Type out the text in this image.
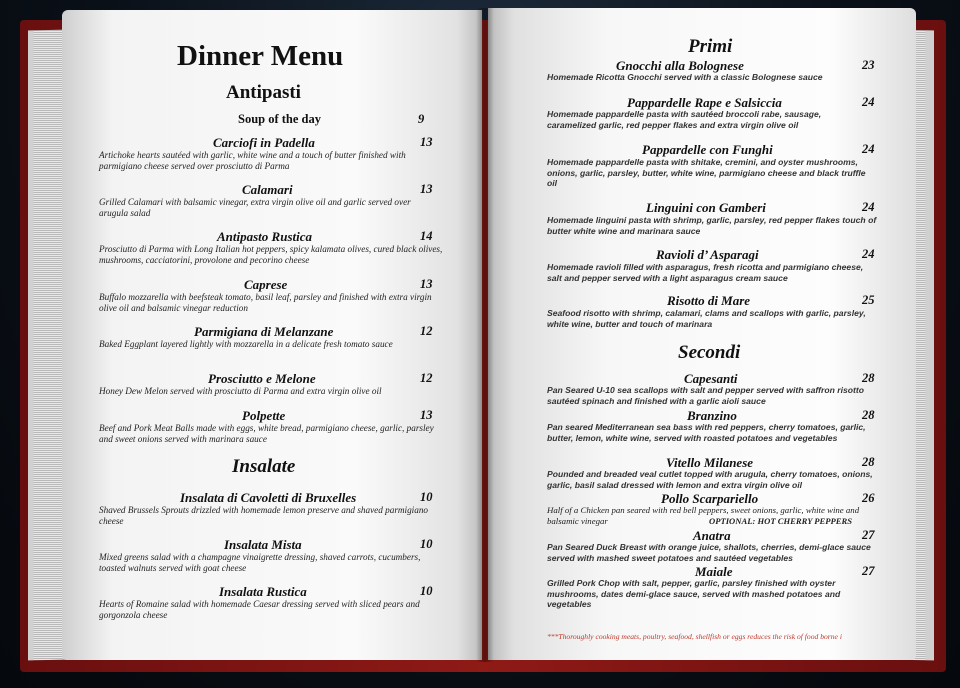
Dinner Menu
Antipasti
Soup of the day	9
Carciofi in Padella	13
Artichoke hearts sautéed with garlic, white wine and a touch of butter finished with parmigiano cheese served over prosciutto di Parma
Calamari	13
Grilled Calamari with balsamic vinegar, extra virgin olive oil and garlic served over arugula salad
Antipasto Rustica	14
Prosciutto di Parma with Long Italian hot peppers, spicy kalamata olives, cured black olives, mushrooms, cacciatorini, provolone and pecorino cheese
Caprese	13
Buffalo mozzarella with beefsteak tomato, basil leaf, parsley and finished with extra virgin olive oil and balsamic vinegar reduction
Parmigiana di Melanzane	12
Baked Eggplant layered lightly with mozzarella in a delicate fresh tomato sauce
Prosciutto e Melone	12
Honey Dew Melon served with prosciutto di Parma and extra virgin olive oil
Polpette	13
Beef and Pork Meat Balls made with eggs, white bread, parmigiano cheese, garlic, parsley and sweet onions served with marinara sauce
Insalate
Insalata di Cavoletti di Bruxelles	10
Shaved Brussels Sprouts drizzled with homemade lemon preserve and shaved parmigiano cheese
Insalata Mista	10
Mixed greens salad with a champagne vinaigrette dressing, shaved carrots, cucumbers, toasted walnuts served with goat cheese
Insalata Rustica	10
Hearts of Romaine salad with homemade Caesar dressing served with sliced pears and gorgonzola cheese
Primi
Gnocchi alla Bolognese	23
Homemade Ricotta Gnocchi served with a classic Bolognese sauce
Pappardelle Rape e Salsiccia	24
Homemade pappardelle pasta with sautéed broccoli rabe, sausage, caramelized garlic, red pepper flakes and extra virgin olive oil
Pappardelle con Funghi	24
Homemade pappardelle pasta with shitake, cremini, and oyster mushrooms, onions, garlic, parsley, butter, white wine, parmigiano cheese and black truffle oil
Linguini con Gamberi	24
Homemade linguini pasta with shrimp, garlic, parsley, red pepper flakes touch of butter white wine and marinara sauce
Ravioli d’ Asparagi	24
Homemade ravioli filled with asparagus, fresh ricotta and parmigiano cheese, salt and pepper served with a light asparagus cream sauce
Risotto di Mare	25
Seafood risotto with shrimp, calamari, clams and scallops with garlic, parsley, white wine, butter and touch of marinara
Secondi
Capesanti	28
Pan Seared U-10 sea scallops with salt and pepper served with saffron risotto sautéed spinach and finished with a garlic aioli sauce
Branzino	28
Pan seared Mediterranean sea bass with red peppers, cherry tomatoes, garlic, butter, lemon, white wine, served with roasted potatoes and vegetables
Vitello Milanese	28
Pounded and breaded veal cutlet topped with arugula, cherry tomatoes, onions, garlic, basil salad dressed with lemon and extra virgin olive oil
Pollo Scarpariello	26
Half of a Chicken pan seared with red bell peppers, sweet onions, garlic, white wine and balsamic vinegar	OPTIONAL: HOT CHERRY PEPPERS
Anatra	27
Pan Seared Duck Breast with orange juice, shallots, cherries, demi-glace sauce served with mashed sweet potatoes and sautéed vegetables
Maiale	27
Grilled Pork Chop with salt, pepper, garlic, parsley finished with oyster mushrooms, dates demi-glace sauce, served with mashed potatoes and vegetables
***Thoroughly cooking meats, poultry, seafood, shellfish or eggs reduces the risk of food borne i
